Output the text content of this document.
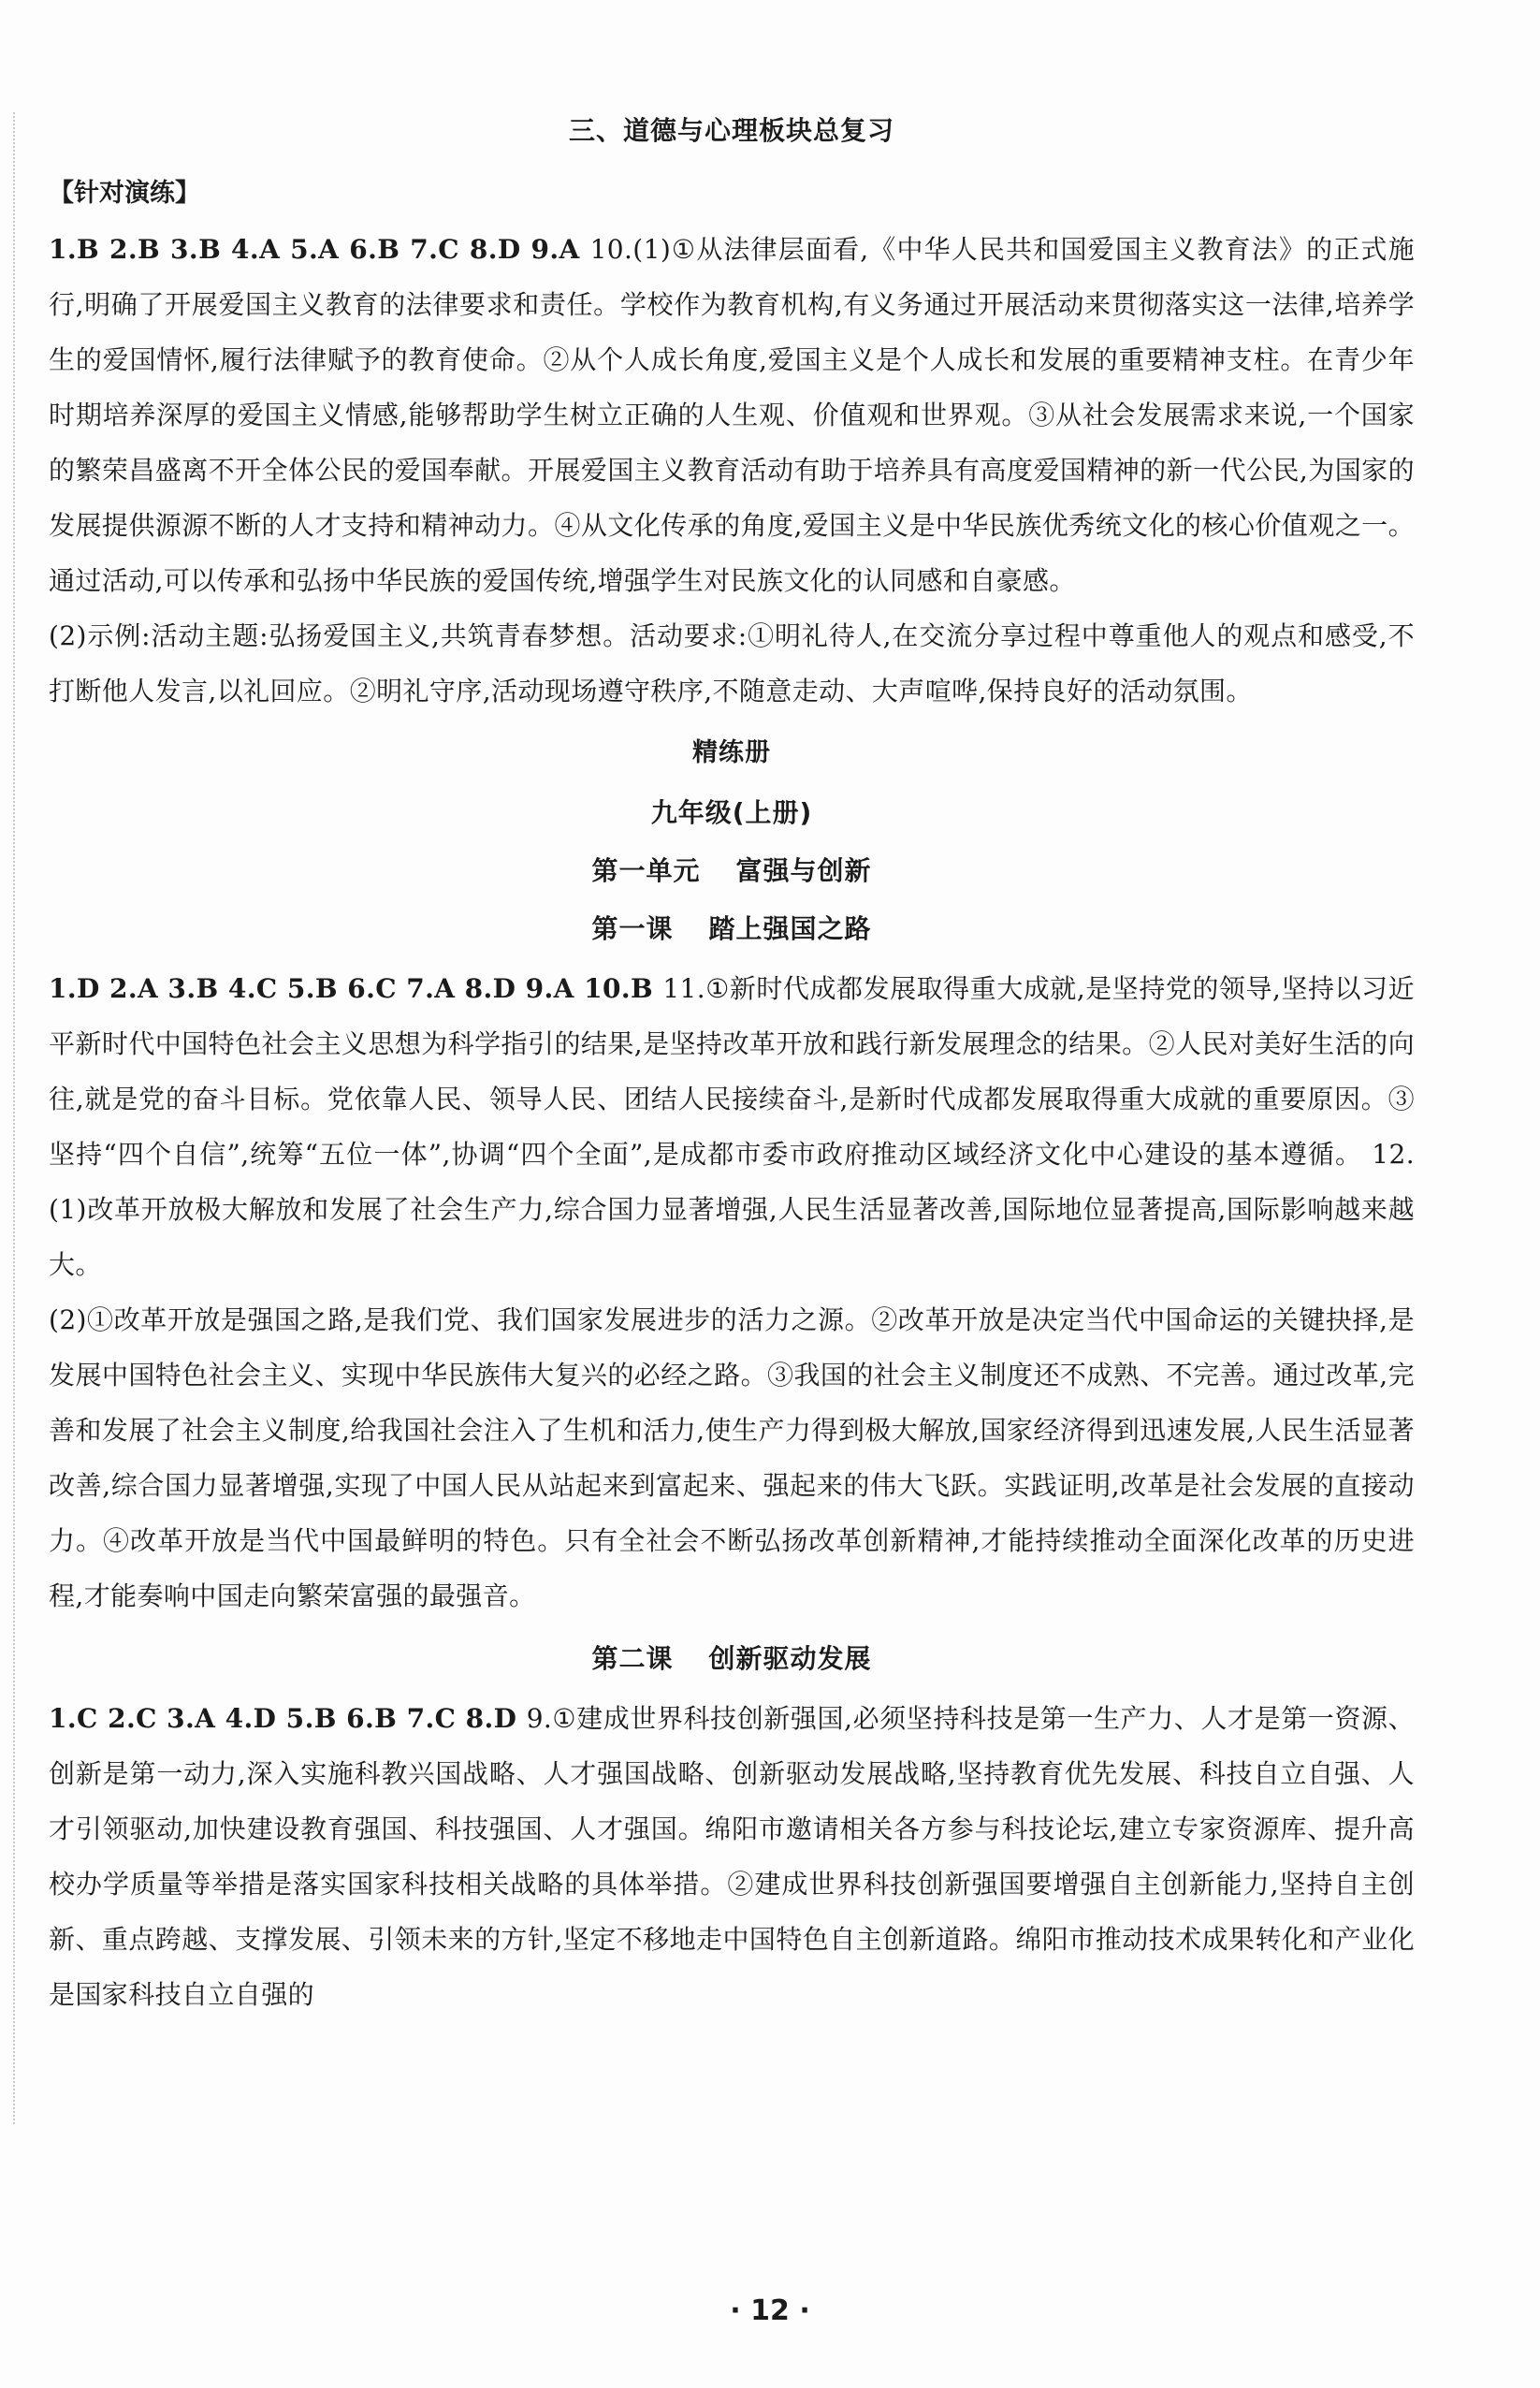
三、道德与心理板块总复习
【针对演练】

1.B 2.B 3.B 4.A 5.A 6.B 7.C 8.D 9.A 10.(1)①从法律层面看,《中华人民共和国爱国主义教育法》的正式施行,明确了开展爱国主义教育的法律要求和责任。学校作为教育机构,有义务通过开展活动来贯彻落实这一法律,培养学生的爱国情怀,履行法律赋予的教育使命。②从个人成长角度,爱国主义是个人成长和发展的重要精神支柱。在青少年时期培养深厚的爱国主义情感,能够帮助学生树立正确的人生观、价值观和世界观。③从社会发展需求来说,一个国家的繁荣昌盛离不开全体公民的爱国奉献。开展爱国主义教育活动有助于培养具有高度爱国精神的新一代公民,为国家的发展提供源源不断的人才支持和精神动力。④从文化传承的角度,爱国主义是中华民族优秀统文化的核心价值观之一。通过活动,可以传承和弘扬中华民族的爱国传统,增强学生对民族文化的认同感和自豪感。

(2)示例:活动主题:弘扬爱国主义,共筑青春梦想。活动要求:①明礼待人,在交流分享过程中尊重他人的观点和感受,不打断他人发言,以礼回应。②明礼守序,活动现场遵守秩序,不随意走动、大声喧哗,保持良好的活动氛围。

精练册
九年级(上册)
第一单元 富强与创新
第一课 踏上强国之路

1.D 2.A 3.B 4.C 5.B 6.C 7.A 8.D 9.A 10.B 11.①新时代成都发展取得重大成就,是坚持党的领导,坚持以习近平新时代中国特色社会主义思想为科学指引的结果,是坚持改革开放和践行新发展理念的结果。②人民对美好生活的向往,就是党的奋斗目标。党依靠人民、领导人民、团结人民接续奋斗,是新时代成都发展取得重大成就的重要原因。③坚持“四个自信”,统筹“五位一体”,协调“四个全面”,是成都市委市政府推动区域经济文化中心建设的基本遵循。 12.(1)改革开放极大解放和发展了社会生产力,综合国力显著增强,人民生活显著改善,国际地位显著提高,国际影响越来越大。

(2)①改革开放是强国之路,是我们党、我们国家发展进步的活力之源。②改革开放是决定当代中国命运的关键抉择,是发展中国特色社会主义、实现中华民族伟大复兴的必经之路。③我国的社会主义制度还不成熟、不完善。通过改革,完善和发展了社会主义制度,给我国社会注入了生机和活力,使生产力得到极大解放,国家经济得到迅速发展,人民生活显著改善,综合国力显著增强,实现了中国人民从站起来到富起来、强起来的伟大飞跃。实践证明,改革是社会发展的直接动力。④改革开放是当代中国最鲜明的特色。只有全社会不断弘扬改革创新精神,才能持续推动全面深化改革的历史进程,才能奏响中国走向繁荣富强的最强音。

第二课 创新驱动发展

1.C 2.C 3.A 4.D 5.B 6.B 7.C 8.D 9.①建成世界科技创新强国,必须坚持科技是第一生产力、人才是第一资源、创新是第一动力,深入实施科教兴国战略、人才强国战略、创新驱动发展战略,坚持教育优先发展、科技自立自强、人才引领驱动,加快建设教育强国、科技强国、人才强国。绵阳市邀请相关各方参与科技论坛,建立专家资源库、提升高校办学质量等举措是落实国家科技相关战略的具体举措。②建成世界科技创新强国要增强自主创新能力,坚持自主创新、重点跨越、支撑发展、引领未来的方针,坚定不移地走中国特色自主创新道路。绵阳市推动技术成果转化和产业化是国家科技自立自强的

· 12 ·
